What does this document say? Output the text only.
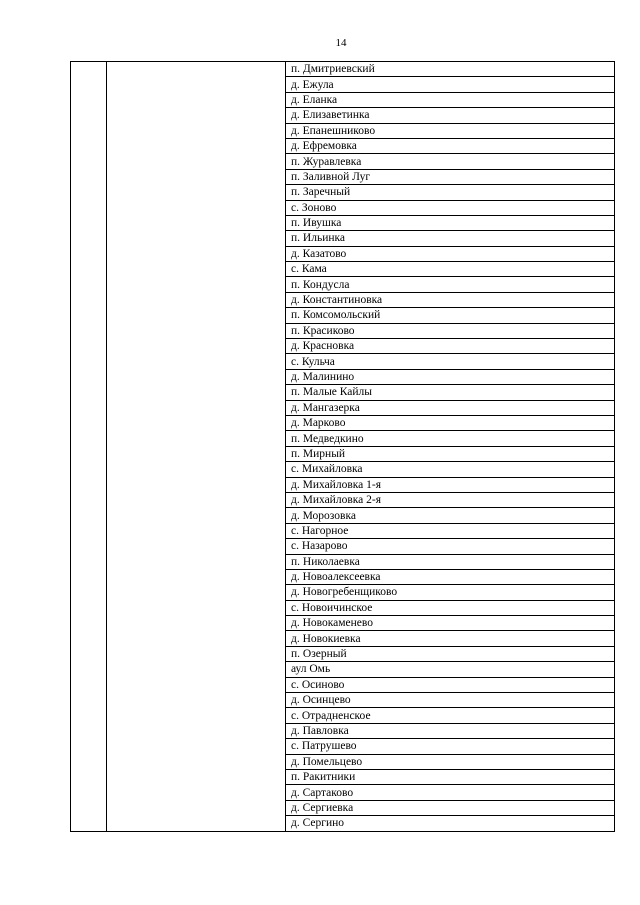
14
		п. Дмитриевский
д. Ежула
д. Еланка
д. Елизаветинка
д. Епанешниково
д. Ефремовка
п. Журавлевка
п. Заливной Луг
п. Заречный
с. Зоново
п. Ивушка
п. Ильинка
д. Казатово
с. Кама
п. Кондусла
д. Константиновка
п. Комсомольский
п. Красиково
д. Красновка
с. Кульча
д. Малинино
п. Малые Кайлы
д. Мангазерка
д. Марково
п. Медведкино
п. Мирный
с. Михайловка
д. Михайловка 1-я
д. Михайловка 2-я
д. Морозовка
с. Нагорное
с. Назарово
п. Николаевка
д. Новоалексеевка
д. Новогребенщиково
с. Новоичинское
д. Новокаменево
д. Новокиевка
п. Озерный
аул Омь
с. Осиново
д. Осинцево
с. Отрадненское
д. Павловка
с. Патрушево
д. Помельцево
п. Ракитники
д. Сартаково
д. Сергиевка
д. Сергино
